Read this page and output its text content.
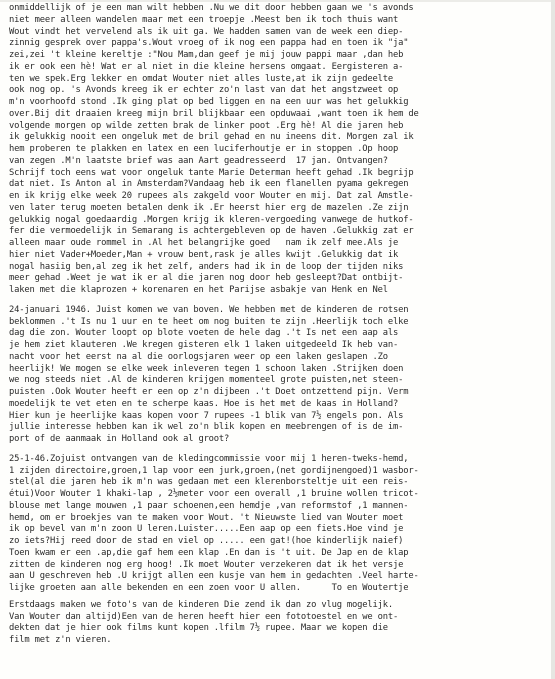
onmiddellijk of je een man wilt hebben .Nu we dit door hebben gaan we 's avonds
niet meer alleen wandelen maar met een troepje .Meest ben ik toch thuis want
Wout vindt het vervelend als ik uit ga. We hadden samen van de week een diep-
zinnig gesprek over pappa's.Wout vroeg of ik nog een pappa had en toen ik "ja"
zei,zei 't kleine kereltje :"Nou Mam,dan geef je mij jouw pappi maar ,dan heb
ik er ook een hè! Wat er al niet in die kleine hersens omgaat. Eergisteren a-
ten we spek.Erg lekker en omdat Wouter niet alles luste,at ik zijn gedeelte
ook nog op. 's Avonds kreeg ik er echter zo'n last van dat het angstzweet op
m'n voorhoofd stond .Ik ging plat op bed liggen en na een uur was het gelukkig
over.Bij dit draaien kreeg mijn bril blijkbaar een opduwaai ,want toen ik hem de
volgende morgen op wilde zetten brak de linker poot .Erg hè! Al die jaren heb
ik gelukkig nooit een ongeluk met de bril gehad en nu ineens dit. Morgen zal ik
hem proberen te plakken en latex en een luciferhoutje er in stoppen .Op hoop
van zegen .M'n laatste brief was aan Aart geadresseerd  17 jan. Ontvangen?
Schrijf toch eens wat voor ongeluk tante Marie Determan heeft gehad .Ik begrijp
dat niet. Is Anton al in Amsterdam?Vandaag heb ik een flanellen pyama gekregen
en ik krijg elke week 20 rupees als zakgeld voor Wouter en mij. Dat zal Amstle-
ven later terug moeten betalen denk ik .Er heerst hier erg de mazelen .Ze zijn
gelukkig nogal goedaardig .Morgen krijg ik kleren-vergoeding vanwege de hutkof-
fer die vermoedelijk in Semarang is achtergebleven op de haven .Gelukkig zat er
alleen maar oude rommel in .Al het belangrijke goed   nam ik zelf mee.Als je
hier niet Vader+Moeder,Man + vrouw bent,rask je alles kwijt .Gelukkig dat ik
nogal hasiig ben,al zeg ik het zelf, anders had ik in de loop der tijden niks
meer gehad .Weet je wat ik er al die jaren nog door heb gesleept?Dat ontbijt-
laken met die klaprozen + korenaren en het Parijse asbakje van Henk en Nel
24-januari 1946. Juist komen we van boven. We hebben met de kinderen de rotsen
beklommen .'t Is nu 1 uur en te heet om nog buiten te zijn .Heerlijk toch elke
dag die zon. Wouter loopt op blote voeten de hele dag .'t Is net een aap als
je hem ziet klauteren .We kregen gisteren elk 1 laken uitgedeeld Ik heb van-
nacht voor het eerst na al die oorlogsjaren weer op een laken geslapen .Zo
heerlijk! We mogen se elke week inleveren tegen 1 schoon laken .Strijken doen
we nog steeds niet .Al de kinderen krijgen momenteel grote puisten,net steen-
puisten .Ook Wouter heeft er een op z'n dijbeen .'t Doet ontzettend pijn. Verm
moedelijk te vet eten en te scherpe kaas. Hoe is het met de kaas in Holland?
Hier kun je heerlijke kaas kopen voor 7 rupees -1 blik van 7½ engels pon. Als
jullie interesse hebben kan ik wel zo'n blik kopen en meebrengen of is de im-
port of de aanmaak in Holland ook al groot?
25-1-46.Zojuist ontvangen van de kledingcommissie voor mij 1 heren-tweks-hemd,
1 zijden directoire,groen,1 lap voor een jurk,groen,(net gordijnengoed)1 wasbor-
stel(al die jaren heb ik m'n was gedaan met een klerenborsteltje uit een reis-
étui)Voor Wouter 1 khaki-lap , 2½meter voor een overall ,1 bruine wollen tricot-
blouse met lange mouwen ,1 paar schoenen,een hemdje ,van reformstof ,1 mannen-
hemd, om er broekjes van te maken voor Wout. 't Nieuwste lied van Wouter moet
ik op bevel van m'n zoon U leren.Luister.....Een aap op een fiets.Hoe vind je
zo iets?Hij reed door de stad en viel op ..... een gat!(hoe kinderlijk naief)
Toen kwam er een .ap,die gaf hem een klap .En dan is 't uit. De Jap en de klap
zitten de kinderen nog erg hoog! .Ik moet Wouter verzekeren dat ik het versje
aan U geschreven heb .U krijgt allen een kusje van hem in gedachten .Veel harte-
lijke groeten aan alle bekenden en een zoen voor U allen.      To en Woutertje
Erstdaags maken we foto's van de kinderen Die zend ik dan zo vlug mogelijk.
Van Wouter dan altijd)Een van de heren heeft hier een fototoestel en we ont-
dekten dat je hier ook films kunt kopen .lfilm 7½ rupee. Maar we kopen die
film met z'n vieren.
